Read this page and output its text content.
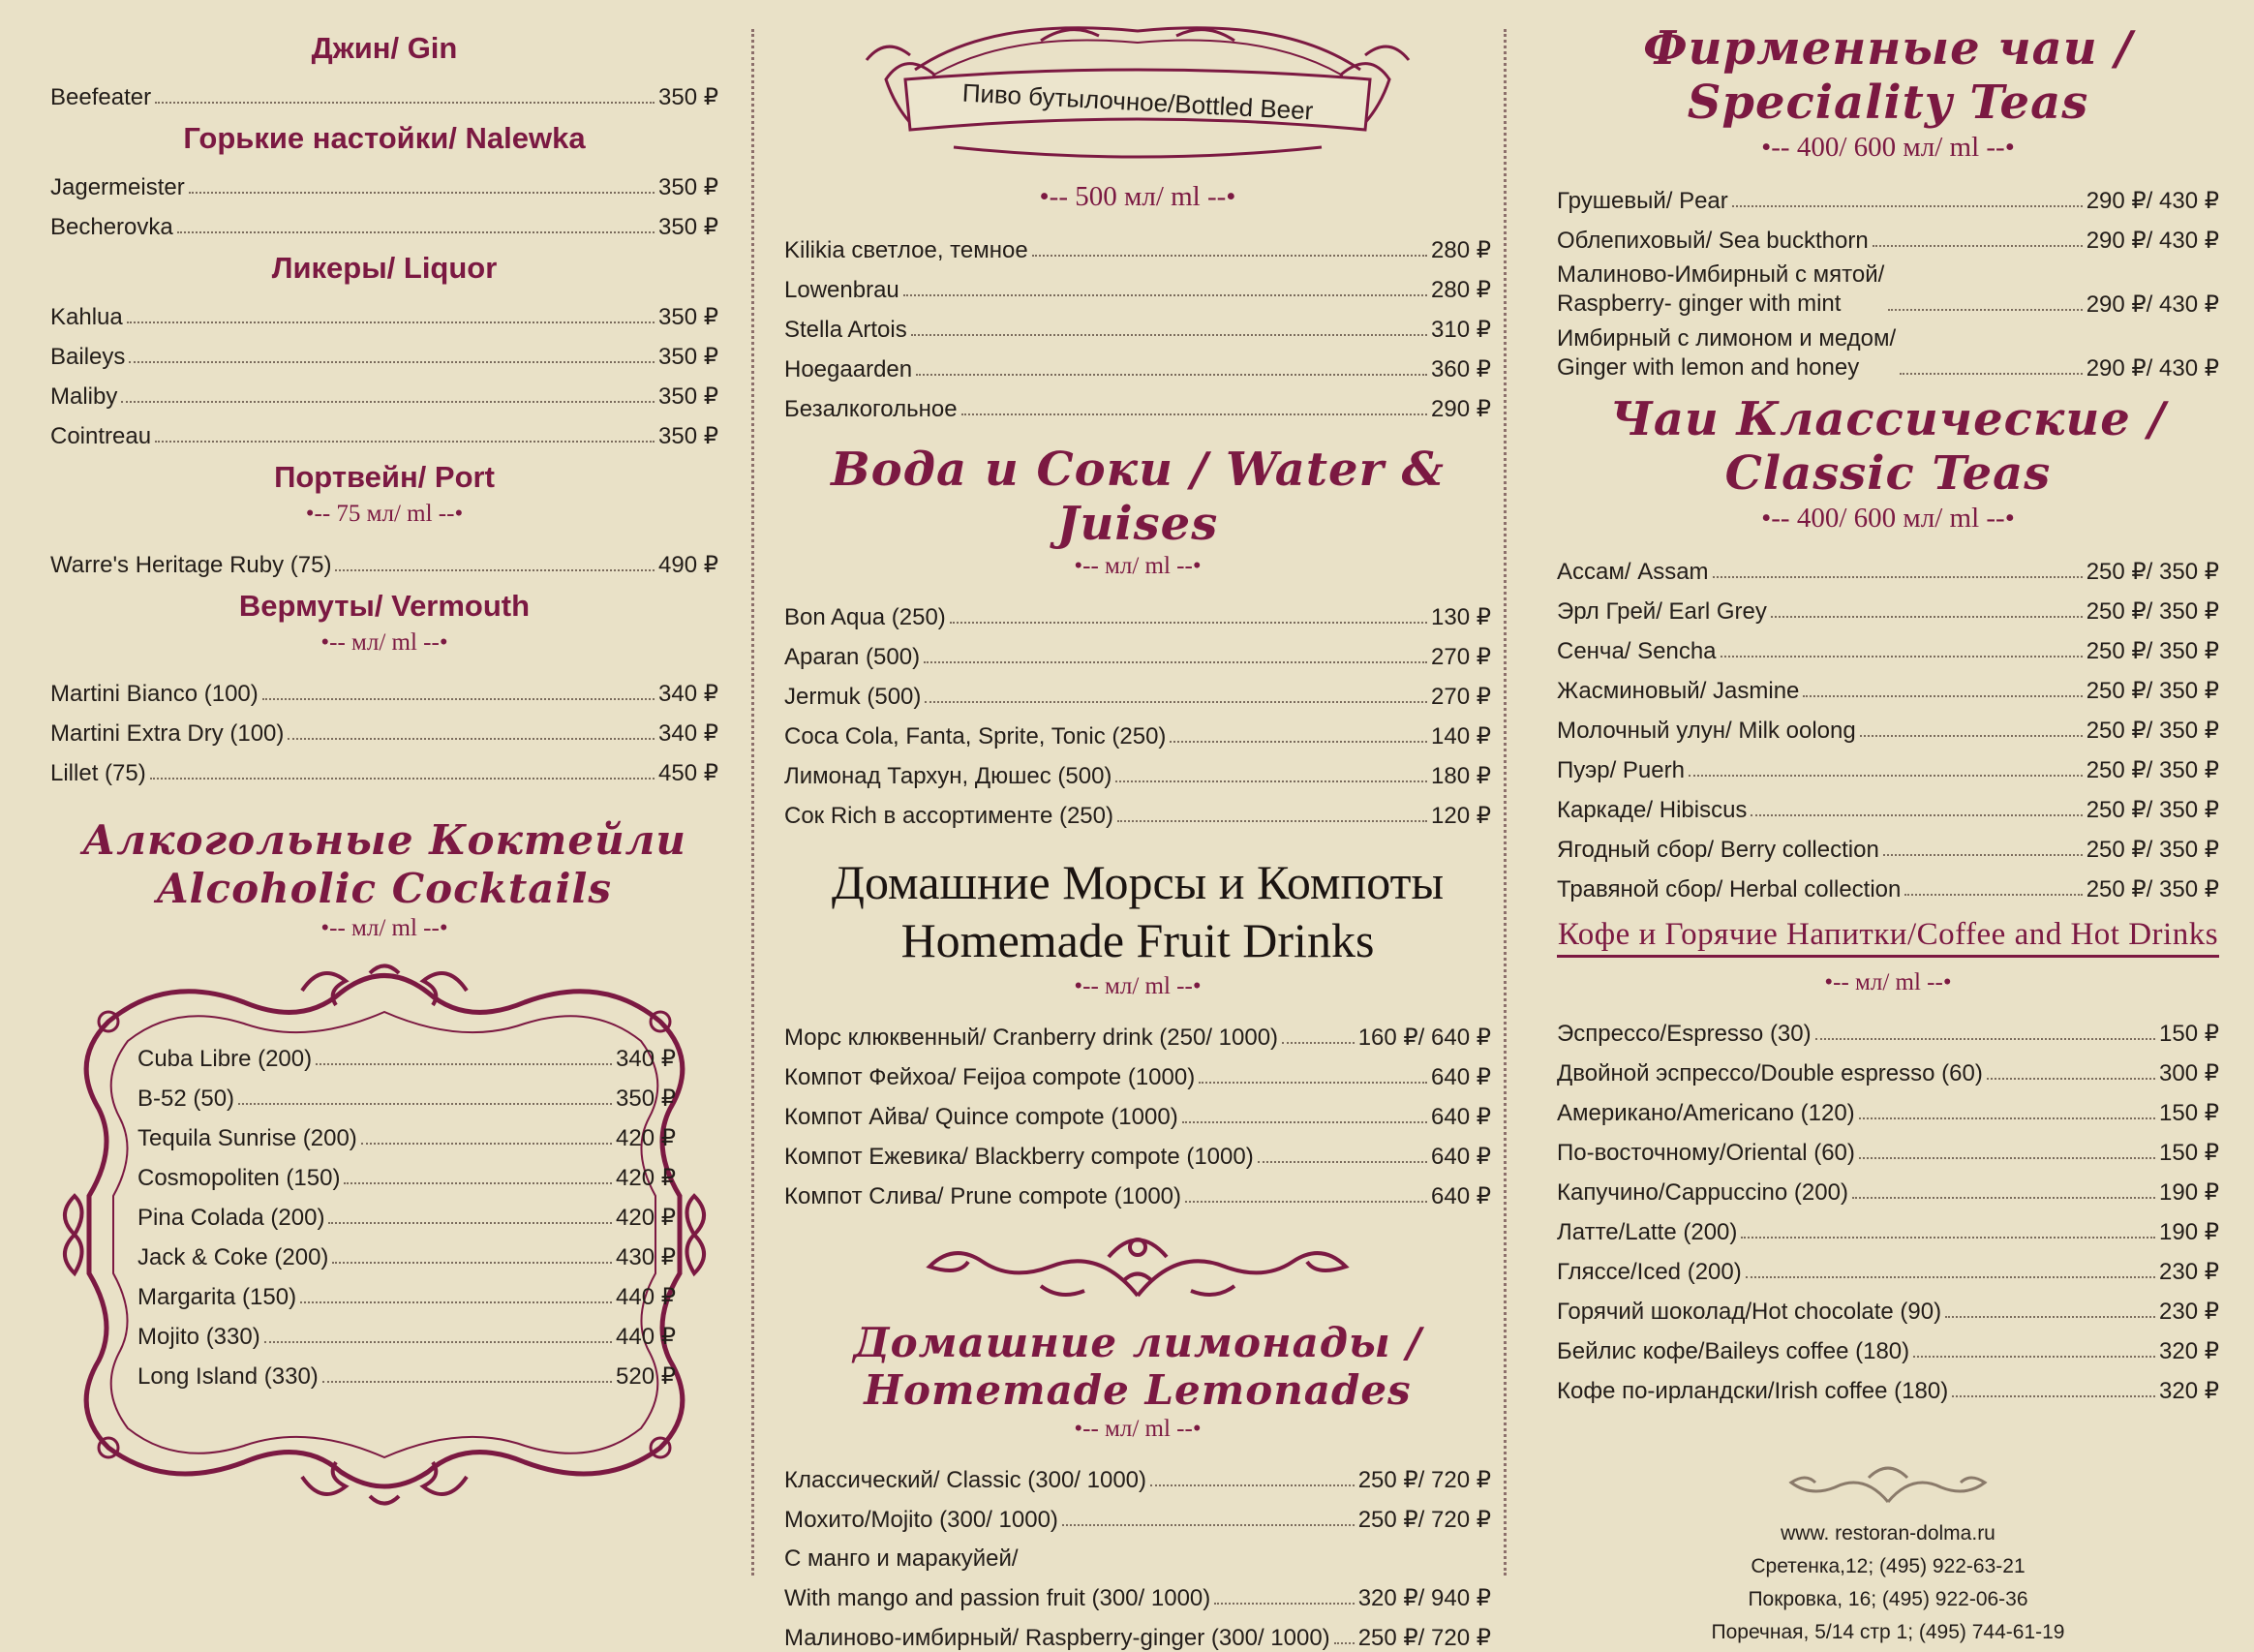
Джин/ Gin
Beefeater	350 ₽
Горькие настойки/ Nalewka
Jagermeister	350 ₽
Becherovka	350 ₽
Ликеры/ Liquor
Kahlua	350 ₽
Baileys	350 ₽
Maliby	350 ₽
Cointreau	350 ₽
Портвейн/ Port
•-- 75 мл/ ml --•
Warre's Heritage Ruby (75)	490 ₽
Вермуты/ Vermouth
•-- мл/ ml --•
Martini Bianco (100)	340 ₽
Martini Extra Dry (100)	340 ₽
Lillet (75)	450 ₽
Алкогольные Коктейли
Alcoholic Cocktails
•-- мл/ ml --•
Cuba Libre (200)	340 ₽
B-52 (50)	350 ₽
Tequila Sunrise (200)	420 ₽
Cosmopoliten (150)	420 ₽
Pina Colada (200)	420 ₽
Jack & Coke (200)	430 ₽
Margarita (150)	440 ₽
Mojito (330)	440 ₽
Long Island (330)	520 ₽
Пиво бутылочное/Bottled Beer
•-- 500 мл/ ml --•
Kilikia светлое, темное	280 ₽
Lowenbrau	280 ₽
Stella Artois	310 ₽
Hoegaarden	360 ₽
Безалкогольное	290 ₽
Вода и Соки / Water & Juises
•-- мл/ ml --•
Bon Aqua (250)	130 ₽
Aparan (500)	270 ₽
Jermuk (500)	270 ₽
Coca Cola, Fanta, Sprite, Tonic (250)	140 ₽
Лимонад Тархун, Дюшес (500)	180 ₽
Сок Rich в ассортименте (250)	120 ₽
Домашние Морсы и Компоты
Homemade Fruit Drinks
•-- мл/ ml --•
Морс клюквенный/ Cranberry drink (250/ 1000)	160 ₽/ 640 ₽
Компот Фейхоа/ Feijoa compote (1000)	640 ₽
Компот Айва/ Quince compote (1000)	640 ₽
Компот Ежевика/ Blackberry compote (1000)	640 ₽
Компот Слива/ Prune compote (1000)	640 ₽
Домашние лимонады / Homemade Lemonades
•-- мл/ ml --•
Классический/ Classic (300/ 1000)	250 ₽/ 720 ₽
Мохито/Mojito (300/ 1000)	250 ₽/ 720 ₽
С манго и маракуйей/
With mango and passion fruit (300/ 1000)	320 ₽/ 940 ₽
Малиново-имбирный/ Raspberry-ginger (300/ 1000) 250 ₽/ 720 ₽
Фирменные чаи / Speciality Teas
•-- 400/ 600 мл/ ml --•
Грушевый/ Pear	290 ₽/ 430 ₽
Облепиховый/ Sea buckthorn	290 ₽/ 430 ₽
Малиново-Имбирный с мятой/
Raspberry- ginger with mint	290 ₽/ 430 ₽
Имбирный с лимоном и медом/
Ginger with lemon and honey	290 ₽/ 430 ₽
Чаи Классические / Classic Teas
•-- 400/ 600 мл/ ml --•
Ассам/ Assam	250 ₽/ 350 ₽
Эрл Грей/ Earl Grey	250 ₽/ 350 ₽
Сенча/ Sencha	250 ₽/ 350 ₽
Жасминовый/ Jasmine	250 ₽/ 350 ₽
Молочный улун/ Milk oolong	250 ₽/ 350 ₽
Пуэр/ Puerh	250 ₽/ 350 ₽
Каркаде/ Hibiscus	250 ₽/ 350 ₽
Ягодный сбор/ Berry collection	250 ₽/ 350 ₽
Травяной сбор/ Herbal collection	250 ₽/ 350 ₽
Кофе и Горячие Напитки/Coffee and Hot Drinks
•-- мл/ ml --•
Эспрессо/Espresso (30)	150 ₽
Двойной эспрессо/Double espresso (60)	300 ₽
Американо/Americano (120)	150 ₽
По-восточному/Oriental (60)	150 ₽
Капучино/Cappuccino (200)	190 ₽
Латте/Latte (200)	190 ₽
Гляссе/Iced (200)	230 ₽
Горячий шоколад/Hot chocolate (90)	230 ₽
Бейлис кофе/Baileys coffee (180)	320 ₽
Кофе по-ирландски/Irish coffee (180)	320 ₽
www. restoran-dolma.ru
Сретенка,12; (495) 922-63-21
Покровка, 16; (495) 922-06-36
Поречная, 5/14 стр 1; (495) 744-61-19
